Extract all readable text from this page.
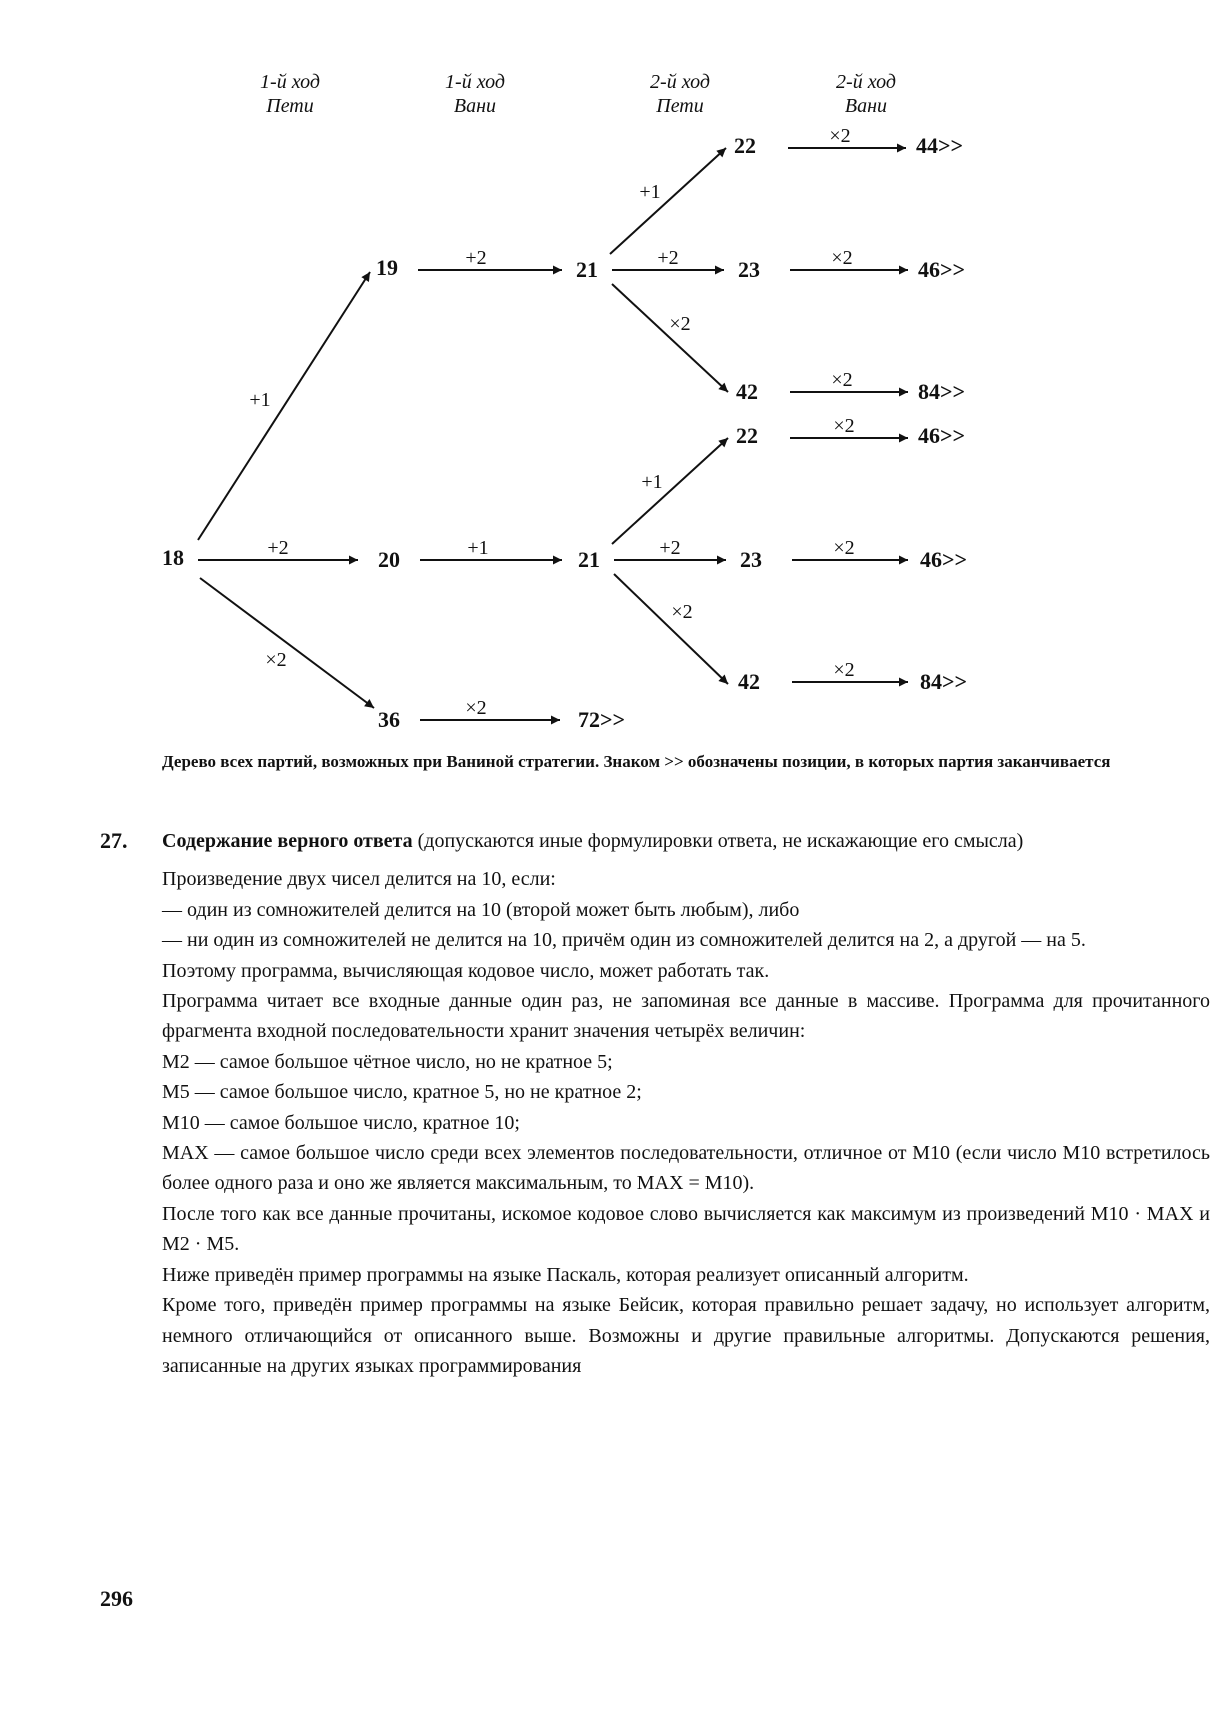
1-й ход
Пети
1-й ход
Вани
2-й ход
Пети
2-й ход
Вани
18
19	21
22
23
42
44>>
46>>
84>>
22	46>>
20	21	23	46>>
42	84>>
36	72>>
+1
+2
×2
+2
+1
+2
×2
×2
×2
×2
+1
+1
+2
×2
×2
×2
×2
×2
Дерево всех партий, возможных при Ваниной стратегии. Знаком >> обозначены позиции, в которых партия заканчивается
27. Содержание верного ответа (допускаются иные формулировки ответа, не искажающие его смысла)

Произведение двух чисел делится на 10, если:

— один из сомножителей делится на 10 (второй может быть любым), либо

— ни один из сомножителей не делится на 10, причём один из сомножителей делится на 2, а другой — на 5.

Поэтому программа, вычисляющая кодовое число, может работать так.

Программа читает все входные данные один раз, не запоминая все данные в массиве. Программа для прочитанного фрагмента входной последовательности хранит значения четырёх величин:

M2 — самое большое чётное число, но не кратное 5;

M5 — самое большое число, кратное 5, но не кратное 2;

M10 — самое большое число, кратное 10;

MAX — самое большое число среди всех элементов последовательности, отличное от M10 (если число M10 встретилось более одного раза и оно же является максимальным, то MAX = M10).

После того как все данные прочитаны, искомое кодовое слово вычисляется как максимум из произведений M10 · MAX и M2 · M5.

Ниже приведён пример программы на языке Паскаль, которая реализует описанный алгоритм.

Кроме того, приведён пример программы на языке Бейсик, которая правильно решает задачу, но использует алгоритм, немного отличающийся от описанного выше. Возможны и другие правильные алгоритмы. Допускаются решения, записанные на других языках программирования

296
